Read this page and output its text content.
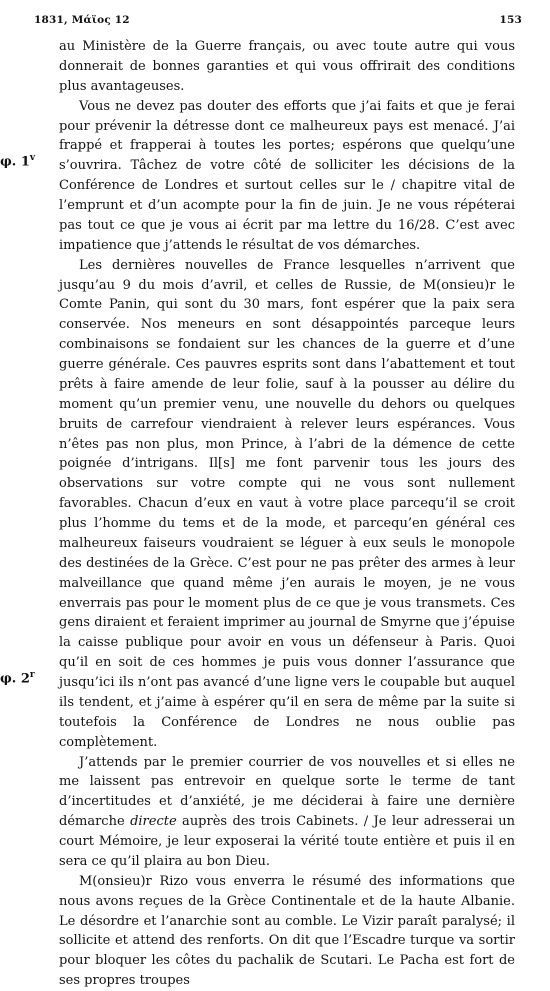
1831, Μάϊος 12	153
φ. 1$^v$
φ. 2$^r$

au Ministère de la Guerre français, ou avec toute autre qui vous donnerait de bonnes garanties et qui vous offrirait des conditions plus avantageuses.

Vous ne devez pas douter des efforts que j’ai faits et que je ferai pour prévenir la détresse dont ce malheureux pays est menacé. J’ai frappé et frapperai à toutes les portes; espérons que quelqu’une s’ouvrira. Tâchez de votre côté de solliciter les décisions de la Conférence de Londres et surtout celles sur le / chapitre vital de l’emprunt et d’un acompte pour la fin de juin. Je ne vous répéterai pas tout ce que je vous ai écrit par ma lettre du 16/28. C’est avec impatience que j’attends le résultat de vos démarches.

Les dernières nouvelles de France lesquelles n’arrivent que jusqu’au 9 du mois d’avril, et celles de Russie, de M(onsieu)r le Comte Panin, qui sont du 30 mars, font espérer que la paix sera conservée. Nos meneurs en sont désappointés parceque leurs combinaisons se fondaient sur les chances de la guerre et d’une guerre générale. Ces pauvres esprits sont dans l’abattement et tout prêts à faire amende de leur folie, sauf à la pousser au délire du moment qu’un premier venu, une nouvelle du dehors ou quelques bruits de carrefour viendraient à relever leurs espérances. Vous n’êtes pas non plus, mon Prince, à l’abri de la démence de cette poignée d’intrigans. Il[s] me font parvenir tous les jours des observations sur votre compte qui ne vous sont nullement favorables. Chacun d’eux en vaut à votre place parcequ’il se croit plus l’homme du tems et de la mode, et parcequ’en général ces malheureux faiseurs voudraient se léguer à eux seuls le monopole des destinées de la Grèce. C’est pour ne pas prêter des armes à leur malveillance que quand même j’en aurais le moyen, je ne vous enverrais pas pour le moment plus de ce que je vous transmets. Ces gens diraient et feraient imprimer au journal de Smyrne que j’épuise la caisse publique pour avoir en vous un défenseur à Paris. Quoi qu’il en soit de ces hommes je puis vous donner l’assurance que jusqu’ici ils n’ont pas avancé d’une ligne vers le coupable but auquel ils tendent, et j’aime à espérer qu’il en sera de même par la suite si toutefois la Conférence de Londres ne nous oublie pas complètement.

J’attends par le premier courrier de vos nouvelles et si elles ne me laissent pas entrevoir en quelque sorte le terme de tant d’incertitudes et d’anxiété, je me déciderai à faire une dernière démarche directe auprès des trois Cabinets. / Je leur adresserai un court Mémoire, je leur exposerai la vérité toute entière et puis il en sera ce qu’il plaira au bon Dieu.

M(onsieu)r Rizo vous enverra le résumé des informations que nous avons reçues de la Grèce Continentale et de la haute Albanie. Le désordre et l’anarchie sont au comble. Le Vizir paraît paralysé; il sollicite et attend des renforts. On dit que l’Escadre turque va sortir pour bloquer les côtes du pachalik de Scutari. Le Pacha est fort de ses propres troupes
